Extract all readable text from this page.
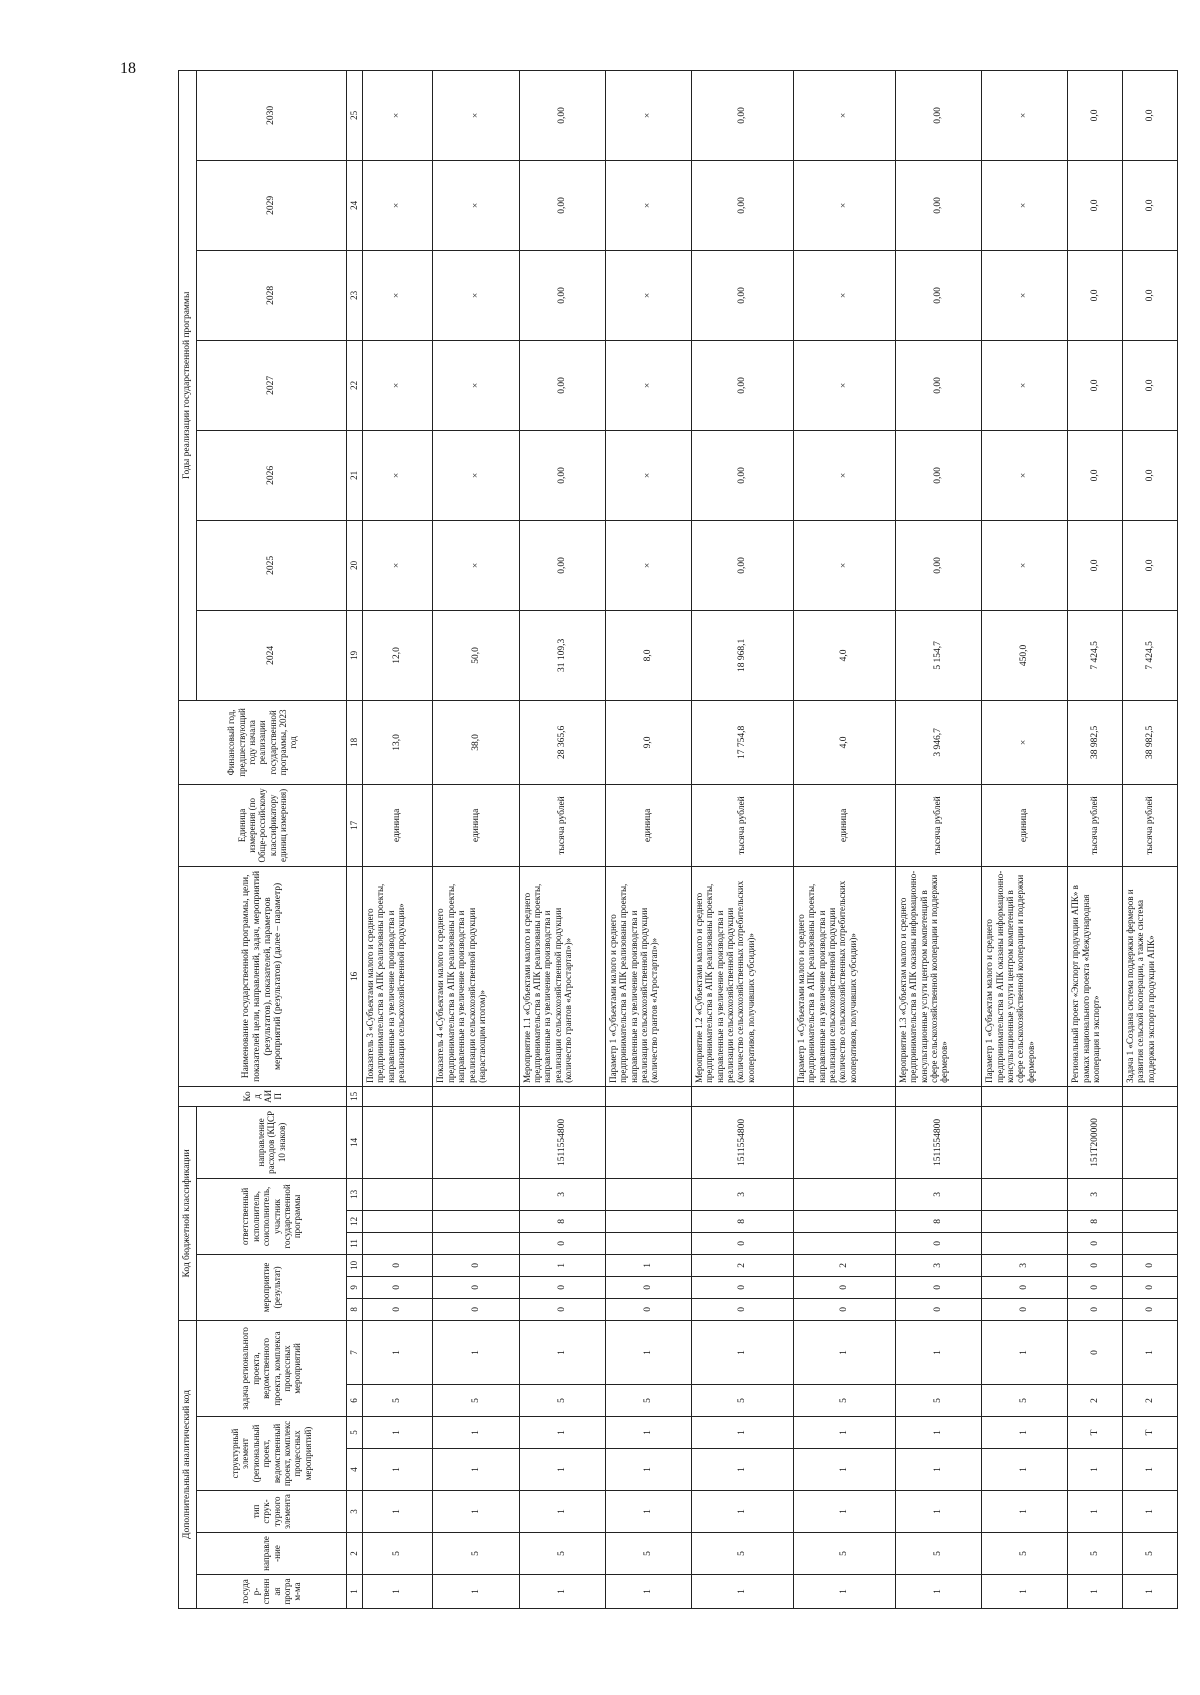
18
Дополнительный аналитический код							Код бюджетной классификации							Код АИП	Наименование государственной программы, цели, показателей цели, направлений, задач, мероприятий (результатов), показателей, параметров мероприятий (результатов) (далее – параметр)	Единица измерения (по Обще-российскому классификатору единиц измерения)	Финансовый год, предшествующий году начала реализации государственной программы, 2023 год	Годы реализации государственной программы						
государ-ственная програм-ма	направле-ние	тип струк-турного элемента	структурный элемент (региональный проект, ведомственный проект, комплекс процессных мероприятий)		задача регионального проекта, ведомственного проекта, комплекса процессных мероприятий		мероприятие (результат)			ответственный исполнитель, соисполнитель, участник государственной программы			направление расходов (КЦСР 10 знаков)					2024	2025	2026	2027	2028	2029	2030
1	2	3	4	5	6	7	8	9	10	11	12	13	14	15	16	17	18	19	20	21	22	23	24	25
1	5	1	1	1	5	1	0	0	0						Показатель 3 «Субъектами малого и среднего предпринимательства в АПК реализованы проекты, направленные на увеличение производства и реализации сельскохозяйственной продукции»	единица	13,0	12,0	×	×	×	×	×	×
1	5	1	1	1	5	1	0	0	0						Показатель 4 «Субъектами малого и среднего предпринимательства в АПК реализованы проекты, направленные на увеличение производства и реализации сельскохозяйственной продукции (нарастающим итогом)»	единица	38,0	50,0	×	×	×	×	×	×
1	5	1	1	1	5	1	0	0	1	0	8	3	1511554800		Мероприятие 1.1 «Субъектами малого и среднего предпринимательства в АПК реализованы проекты, направленные на увеличение производства и реализации сельскохозяйственной продукции (количество грантов «Агростартап»)»	тысяча рублей	28 365,6	31 109,3	0,00	0,00	0,00	0,00	0,00	0,00
1	5	1	1	1	5	1	0	0	1						Параметр 1 «Субъектами малого и среднего предпринимательства в АПК реализованы проекты, направленные на увеличение производства и реализации сельскохозяйственной продукции (количество грантов «Агростартап»)»	единица	9,0	8,0	×	×	×	×	×	×
1	5	1	1	1	5	1	0	0	2	0	8	3	1511554800		Мероприятие 1.2 «Субъектами малого и среднего предпринимательства в АПК реализованы проекты, направленные на увеличение производства и реализации сельскохозяйственной продукции (количество сельскохозяйственных потребительских кооперативов, получивших субсидии)»	тысяча рублей	17 754,8	18 968,1	0,00	0,00	0,00	0,00	0,00	0,00
1	5	1	1	1	5	1	0	0	2						Параметр 1 «Субъектами малого и среднего предпринимательства в АПК реализованы проекты, направленные на увеличение производства и реализации сельскохозяйственной продукции (количество сельскохозяйственных потребительских кооперативов, получивших субсидии)»	единица	4,0	4,0	×	×	×	×	×	×
1	5	1	1	1	5	1	0	0	3	0	8	3	1511554800		Мероприятие 1.3 «Субъектам малого и среднего предпринимательства в АПК оказаны информационно-консультационные услуги центром компетенций в сфере сельскохозяйственной кооперации и поддержки фермеров»	тысяча рублей	3 946,7	5 154,7	0,00	0,00	0,00	0,00	0,00	0,00
1	5	1	1	1	5	1	0	0	3						Параметр 1 «Субъектам малого и среднего предпринимательства в АПК оказаны информационно-консультационные услуги центром компетенций в сфере сельскохозяйственной кооперации и поддержки фермеров»	единица	×	450,0	×	×	×	×	×	×
1	5	1	1	Т	2	0	0	0	0	0	8	3	151Т200000		Региональный проект «Экспорт продукции АПК» в рамках национального проекта «Международная кооперация и экспорт»	тысяча рублей	38 982,5	7 424,5	0,0	0,0	0,0	0,0	0,0	0,0
1	5	1	1	Т	2	1	0	0	0						Задача 1 «Создана система поддержки фермеров и развития сельской кооперации, а также система поддержки экспорта продукции АПК»	тысяча рублей	38 982,5	7 424,5	0,0	0,0	0,0	0,0	0,0	0,0
